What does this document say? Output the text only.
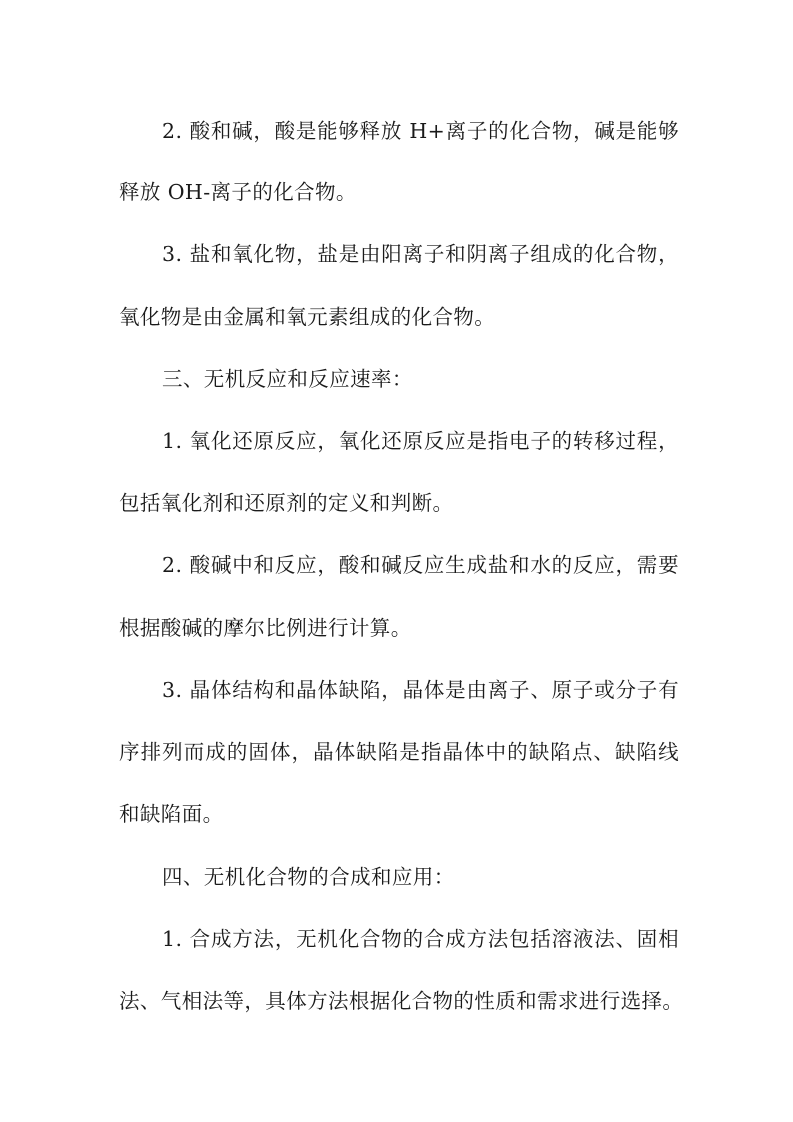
2. 酸和碱，酸是能够释放 H+离子的化合物，碱是能够
释放 OH-离子的化合物。
3. 盐和氧化物，盐是由阳离子和阴离子组成的化合物，
氧化物是由金属和氧元素组成的化合物。
三、无机反应和反应速率：
1. 氧化还原反应，氧化还原反应是指电子的转移过程，
包括氧化剂和还原剂的定义和判断。
2. 酸碱中和反应，酸和碱反应生成盐和水的反应，需要
根据酸碱的摩尔比例进行计算。
3. 晶体结构和晶体缺陷，晶体是由离子、原子或分子有
序排列而成的固体，晶体缺陷是指晶体中的缺陷点、缺陷线
和缺陷面。
四、无机化合物的合成和应用：
1. 合成方法，无机化合物的合成方法包括溶液法、固相
法、气相法等，具体方法根据化合物的性质和需求进行选择。
